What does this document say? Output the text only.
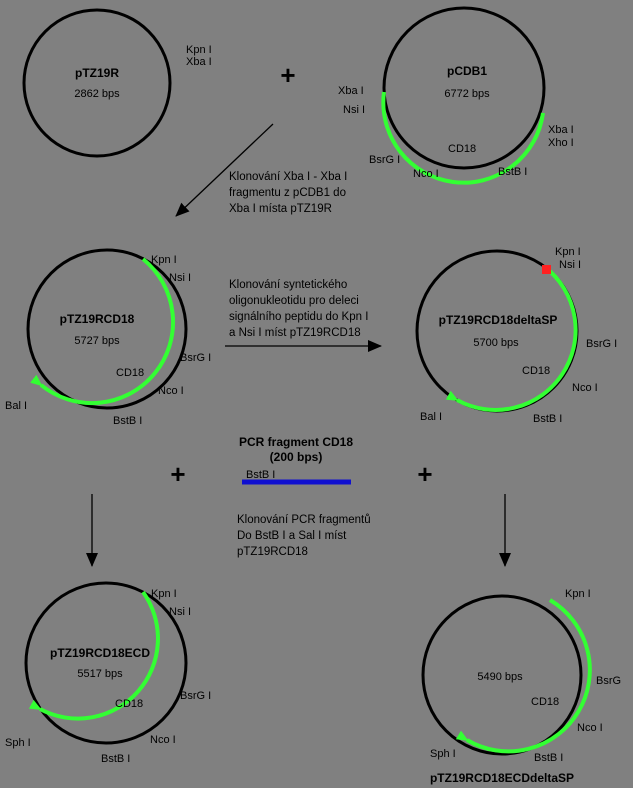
pTZ19R
2862 bps
Kpn I
Xba I	+	pCDB1
6772 bps
Xba I
Nsi I
Xba I
Xho I
BsrG I
CD18
Nco I	BstB I
Klonování Xba I - Xba I
fragmentu z pCDB1 do
Xba I místa pTZ19R
pTZ19RCD18
5727 bps
Kpn I
Nsi I
BsrG I
CD18
Nco I
BstB I
Bal I
Klonování syntetického
oligonukleotidu pro deleci
signálního peptidu do Kpn I
a Nsi I míst pTZ19RCD18
pTZ19RCD18deltaSP
5700 bps
Kpn I
Nsi I
BsrG I
CD18
Nco I
BstB I
Bal I
PCR fragment CD18
(200 bps)
BstB I
+	+
Klonování PCR fragmentů
Do BstB I a Sal I míst
pTZ19RCD18
pTZ19RCD18ECD
5517 bps
Kpn I
Nsi I
BsrG I
CD18
Nco I
BstB I
Sph I
5490 bps
Kpn I
BsrG
CD18
Nco I
BstB I
Sph I
pTZ19RCD18ECDdeltaSP
